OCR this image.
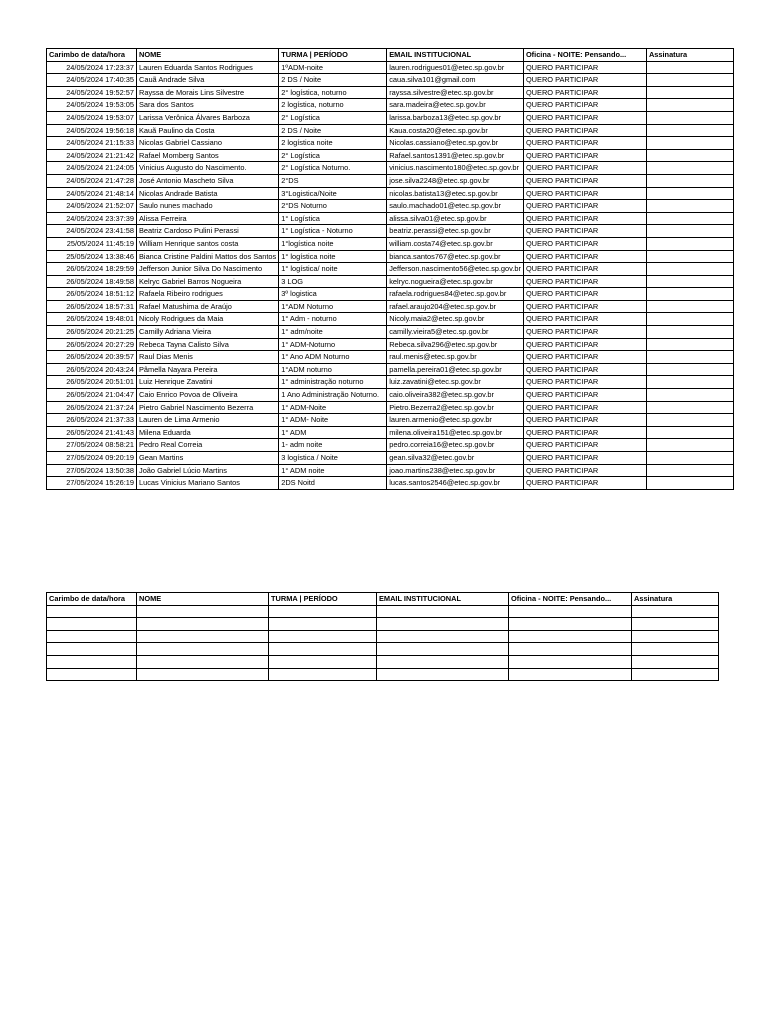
Carimbo de data/hora	NOME	TURMA | PERÍODO	EMAIL INSTITUCIONAL	Oficina - NOITE: Pensando...	Assinatura
24/05/2024 17:23:37	Lauren Eduarda Santos Rodrigues	1ºADM-noite	lauren.rodrigues01@etec.sp.gov.br	QUERO PARTICIPAR	
24/05/2024 17:40:35	Cauã Andrade Silva	2 DS / Noite	caua.silva101@gmail.com	QUERO PARTICIPAR	
24/05/2024 19:52:57	Rayssa de Morais Lins Silvestre	2° logística, noturno	rayssa.silvestre@etec.sp.gov.br	QUERO PARTICIPAR	
24/05/2024 19:53:05	Sara dos Santos	2 logística, noturno	sara.madeira@etec.sp.gov.br	QUERO PARTICIPAR	
24/05/2024 19:53:07	Larissa Verônica Álvares Barboza	2° Logística	larissa.barboza13@etec.sp.gov.br	QUERO PARTICIPAR	
24/05/2024 19:56:18	Kauã Paulino da Costa	2 DS / Noite	Kaua.costa20@etec.sp.gov.br	QUERO PARTICIPAR	
24/05/2024 21:15:33	Nicolas Gabriel Cassiano	2 logística noite	Nicolas.cassiano@etec.sp.gov.br	QUERO PARTICIPAR	
24/05/2024 21:21:42	Rafael Momberg Santos	2° Logística	Rafael.santos1391@etec.sp.gov.br	QUERO PARTICIPAR	
24/05/2024 21:24:05	Vinicius Augusto do Nascimento.	2° Logística Noturno.	vinicius.nascimento180@etec.sp.gov.br	QUERO PARTICIPAR	
24/05/2024 21:47:28	José Antonio Mascheto Silva	2°DS	jose.silva2248@etec.sp.gov.br	QUERO PARTICIPAR	
24/05/2024 21:48:14	Nicolas Andrade Batista	3°Logistica/Noite	nicolas.batista13@etec.sp.gov.br	QUERO PARTICIPAR	
24/05/2024 21:52:07	Saulo nunes machado	2°DS Noturno	saulo.machado01@etec.sp.gov.br	QUERO PARTICIPAR	
24/05/2024 23:37:39	Alissa Ferreira	1° Logística	alissa.silva01@etec.sp.gov.br	QUERO PARTICIPAR	
24/05/2024 23:41:58	Beatriz Cardoso Pulini Perassi	1° Logística - Noturno	beatriz.perassi@etec.sp.gov.br	QUERO PARTICIPAR	
25/05/2024 11:45:19	William Henrique santos costa	1°logística noite	william.costa74@etec.sp.gov.br	QUERO PARTICIPAR	
25/05/2024 13:38:46	Bianca Cristine Paldini Mattos dos Santos	1° logística noite	bianca.santos767@etec.sp.gov.br	QUERO PARTICIPAR	
26/05/2024 18:29:59	Jefferson Junior Silva Do Nascimento	1° logística/ noite	Jefferson.nascimento56@etec.sp.gov.br	QUERO PARTICIPAR	
26/05/2024 18:49:58	Kelryc Gabriel Barros Nogueira	3 LOG	kelryc.nogueira@etec.sp.gov.br	QUERO PARTICIPAR	
26/05/2024 18:51:12	Rafaela Ribeiro rodrigues	3º logistica	rafaela.rodrigues84@etec.sp.gov.br	QUERO PARTICIPAR	
26/05/2024 18:57:31	Rafael Matushima de Araújo	1°ADM Noturno	rafael.araujo204@etec.sp.gov.br	QUERO PARTICIPAR	
26/05/2024 19:48:01	Nicoly Rodrigues da Maia	1° Adm - noturno	Nicoly.maia2@etec.sp.gov.br	QUERO PARTICIPAR	
26/05/2024 20:21:25	Camilly Adriana Vieira	1° adm/noite	camilly.vieira5@etec.sp.gov.br	QUERO PARTICIPAR	
26/05/2024 20:27:29	Rebeca Tayna Calisto Silva	1° ADM-Noturno	Rebeca.silva296@etec.sp.gov.br	QUERO PARTICIPAR	
26/05/2024 20:39:57	Raul Dias Menis	1° Ano ADM Noturno	raul.menis@etec.sp.gov.br	QUERO PARTICIPAR	
26/05/2024 20:43:24	Pâmella Nayara Pereira	1°ADM noturno	pamella.pereira01@etec.sp.gov.br	QUERO PARTICIPAR	
26/05/2024 20:51:01	Luiz Henrique Zavatini	1° administração noturno	luiz.zavatini@etec.sp.gov.br	QUERO PARTICIPAR	
26/05/2024 21:04:47	Caio Enrico Povoa de Oliveira	1 Ano Administração Noturno.	caio.oliveira382@etec.sp.gov.br	QUERO PARTICIPAR	
26/05/2024 21:37:24	Pietro Gabriel Nascimento Bezerra	1° ADM-Noite	Pietro.Bezerra2@etec.sp.gov.br	QUERO PARTICIPAR	
26/05/2024 21:37:33	Lauren de Lima Armenio	1° ADM- Noite	lauren.armenio@etec.sp.gov.br	QUERO PARTICIPAR	
26/05/2024 21:41:43	Milena Eduarda	1° ADM	milena.oliveira151@etec.sp.gov.br	QUERO PARTICIPAR	
27/05/2024 08:58:21	Pedro Real Correia	1- adm noite	pedro.correia16@etec.sp.gov.br	QUERO PARTICIPAR	
27/05/2024 09:20:19	Gean Martins	3 logística / Noite	gean.silva32@etec.gov.br	QUERO PARTICIPAR	
27/05/2024 13:50:38	João Gabriel Lúcio Martins	1° ADM noite	joao.martins238@etec.sp.gov.br	QUERO PARTICIPAR	
27/05/2024 15:26:19	Lucas Vinicius Mariano Santos	2DS Noitd	lucas.santos2546@etec.sp.gov.br	QUERO PARTICIPAR	
Carimbo de data/hora	NOME	TURMA | PERÍODO	EMAIL INSTITUCIONAL	Oficina - NOITE: Pensando...	Assinatura
